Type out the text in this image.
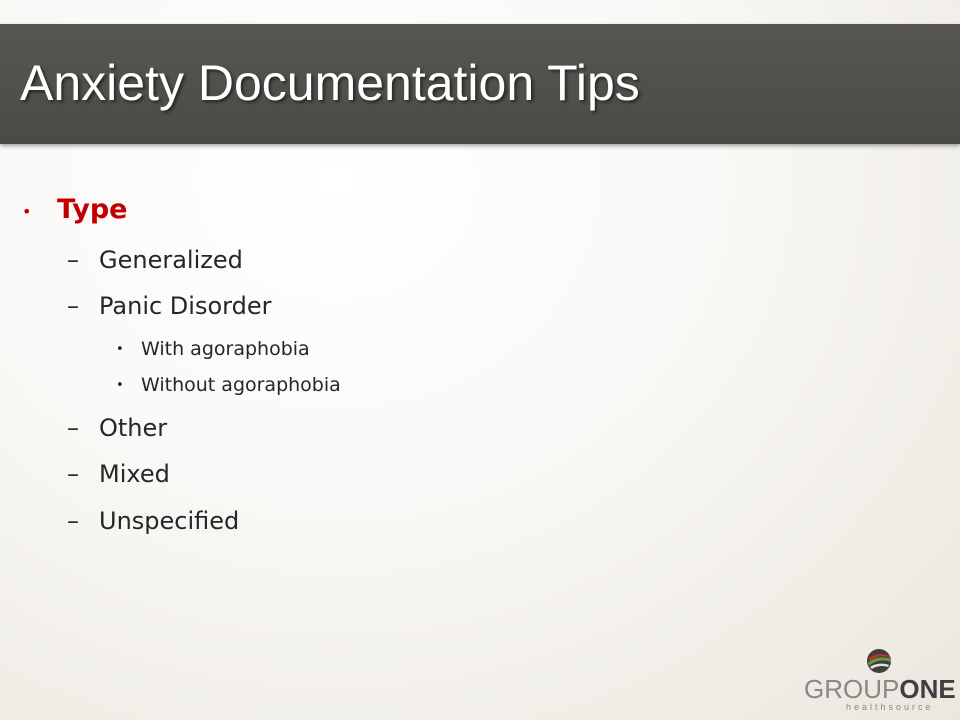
Anxiety Documentation Tips
• Type
– Generalized
– Panic Disorder
• With agoraphobia
• Without agoraphobia
– Other
– Mixed
– Unspecified
GROUPONE
healthsource
